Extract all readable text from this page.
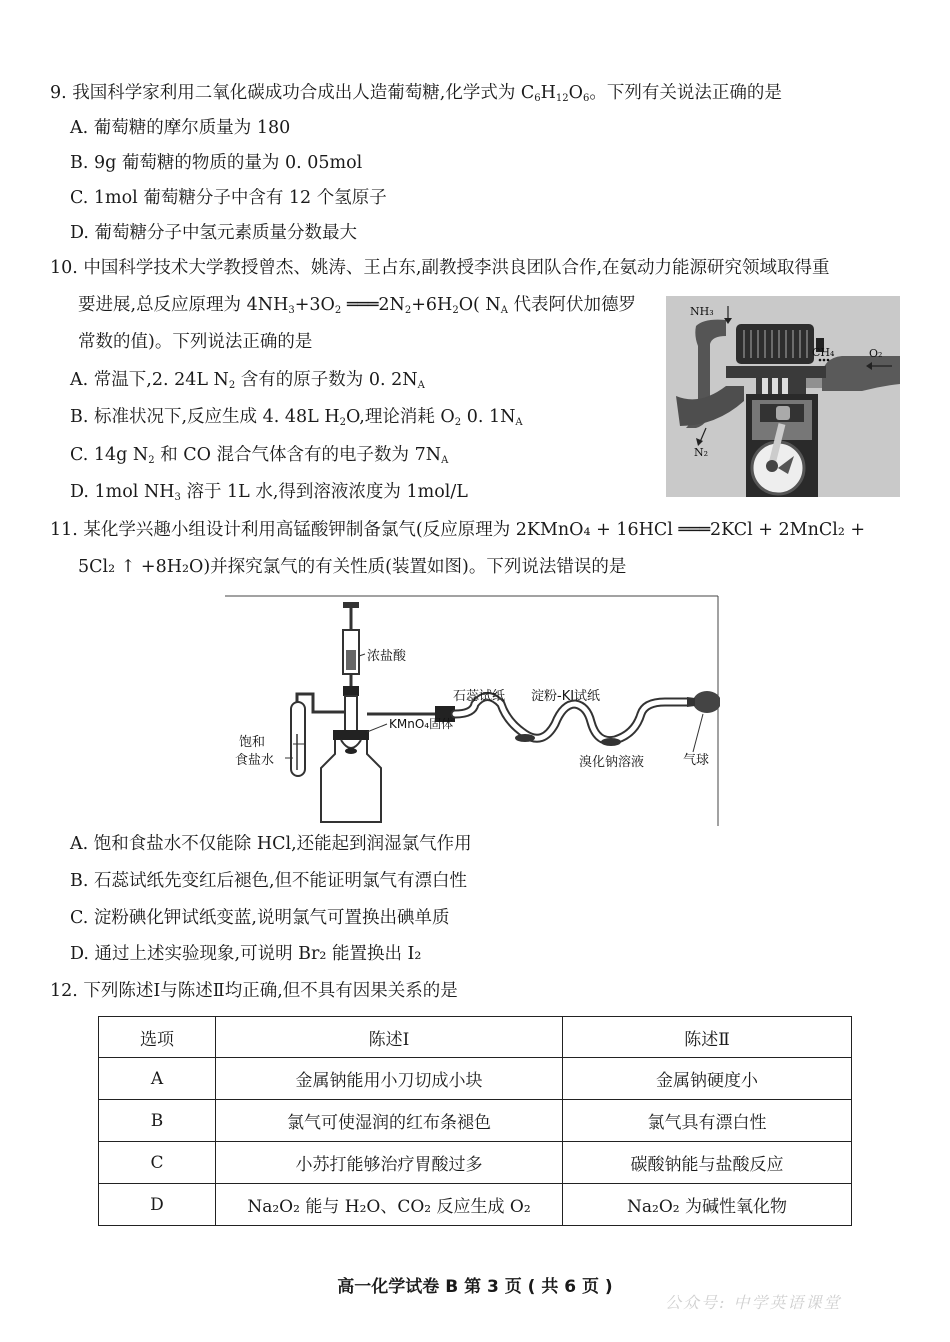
9. 我国科学家利用二氧化碳成功合成出人造葡萄糖,化学式为 $C_6H_{12}O_6$。下列有关说法正确的是
A. 葡萄糖的摩尔质量为 180
B. 9g 葡萄糖的物质的量为 0. 05mol
C. 1mol 葡萄糖分子中含有 12 个氢原子
D. 葡萄糖分子中氢元素质量分数最大
10. 中国科学技术大学教授曾杰、姚涛、王占东,副教授李洪良团队合作,在氨动力能源研究领域取得重
要进展,总反应原理为 $4NH_3+3O_2$ $═══2N_2+6H_2O$( $N_A$ 代表阿伏加德罗
常数的值)。下列说法正确的是
A. 常温下,2. 24L $N_2$ 含有的原子数为 0. $2N_A$
B. 标准状况下,反应生成 4. 48L $H_2O$,理论消耗 $O_2$ 0. $1N_A$
C. 14g $N_2$ 和 CO 混合气体含有的电子数为 $7N_A$
D. 1mol $NH_3$ 溶于 1L 水,得到溶液浓度为 1mol/L
NH₃
CH₄	O₂
N₂
11. 某化学兴趣小组设计利用高锰酸钾制备氯气(反应原理为 2KMnO₄ + 16HCl ═══2KCl + 2MnCl₂ +
5Cl₂ ↑ +8H₂O)并探究氯气的有关性质(装置如图)。下列说法错误的是
浓盐酸
石蕊试纸 淀粉-KI试纸
饱和
食盐水
KMnO₄固体
溴化钠溶液	气球
A. 饱和食盐水不仅能除 HCl,还能起到润湿氯气作用
B. 石蕊试纸先变红后褪色,但不能证明氯气有漂白性
C. 淀粉碘化钾试纸变蓝,说明氯气可置换出碘单质
D. 通过上述实验现象,可说明 Br₂ 能置换出 I₂
12. 下列陈述Ⅰ与陈述Ⅱ均正确,但不具有因果关系的是
选项	陈述Ⅰ	陈述Ⅱ
A	金属钠能用小刀切成小块	金属钠硬度小
B	氯气可使湿润的红布条褪色	氯气具有漂白性
C	小苏打能够治疗胃酸过多	碳酸钠能与盐酸反应
D	Na₂O₂ 能与 H₂O、CO₂ 反应生成 O₂	Na₂O₂ 为碱性氧化物
高一化学试卷 B 第 3 页 ( 共 6 页 )
公众号: 中学英语课堂
